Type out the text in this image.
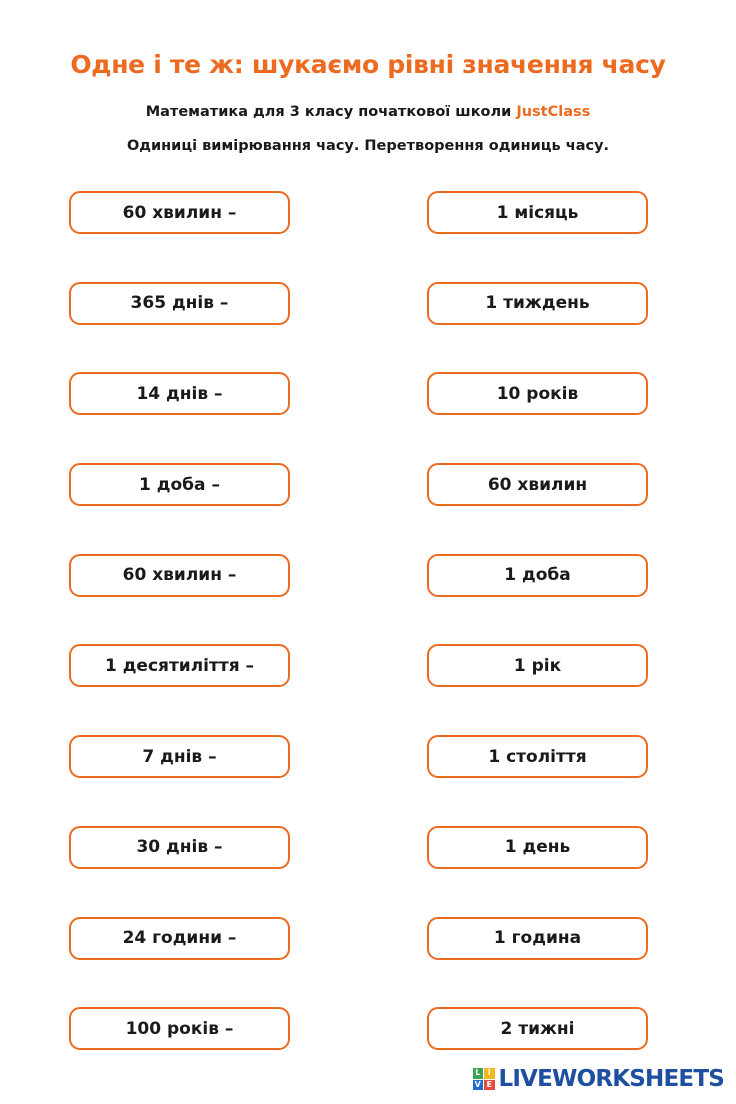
Одне і те ж: шукаємо рівні значення часу
Математика для 3 класу початкової школи JustClass
Одиниці вимірювання часу. Перетворення одиниць часу.
60 хвилин –
365 днів –
14 днів –
1 доба –
60 хвилин –
1 десятиліття –
7 днів –
30 днів –
24 години –
100 років –
1 місяць
1 тиждень
10 років
60 хвилин
1 доба
1 рік
1 століття
1 день
1 година
2 тижні
L I
V E LIVEWORKSHEETS
